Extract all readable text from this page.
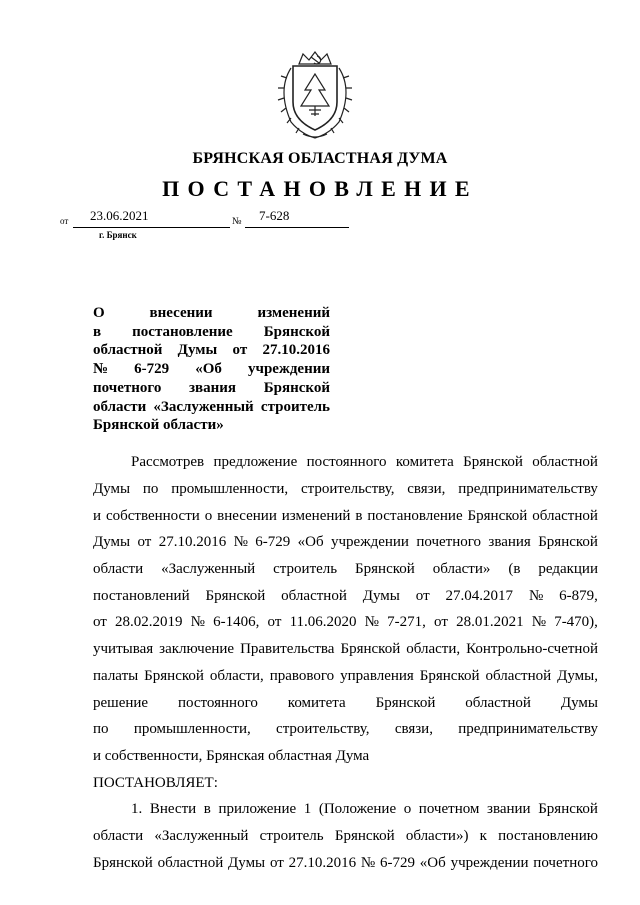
БРЯНСКАЯ ОБЛАСТНАЯ ДУМА
ПОСТАНОВЛЕНИЕ
от 23.06.2021	№ 7-628
г. Брянск
О	внесении	изменений
в постановление Брянской
областной Думы от 27.10.2016
№ 6-729 «Об учреждении
почетного звания Брянской
области «Заслуженный строитель
Брянской области»
Рассмотрев предложение постоянного комитета Брянской областной
Думы по промышленности, строительству, связи, предпринимательству
и собственности о внесении изменений в постановление Брянской областной
Думы от 27.10.2016 № 6-729 «Об учреждении почетного звания Брянской
области «Заслуженный строитель Брянской области» (в редакции
постановлений Брянской областной Думы от 27.04.2017 № 6-879,
от 28.02.2019 № 6-1406, от 11.06.2020 № 7-271, от 28.01.2021 № 7-470),
учитывая заключение Правительства Брянской области, Контрольно-счетной
палаты Брянской области, правового управления Брянской областной Думы,
решение постоянного комитета Брянской областной Думы
по промышленности, строительству, связи, предпринимательству
и собственности, Брянская областная Дума
ПОСТАНОВЛЯЕТ:
1. Внести в приложение 1 (Положение о почетном звании Брянской
области «Заслуженный строитель Брянской области») к постановлению
Брянской областной Думы от 27.10.2016 № 6-729 «Об учреждении почетного
